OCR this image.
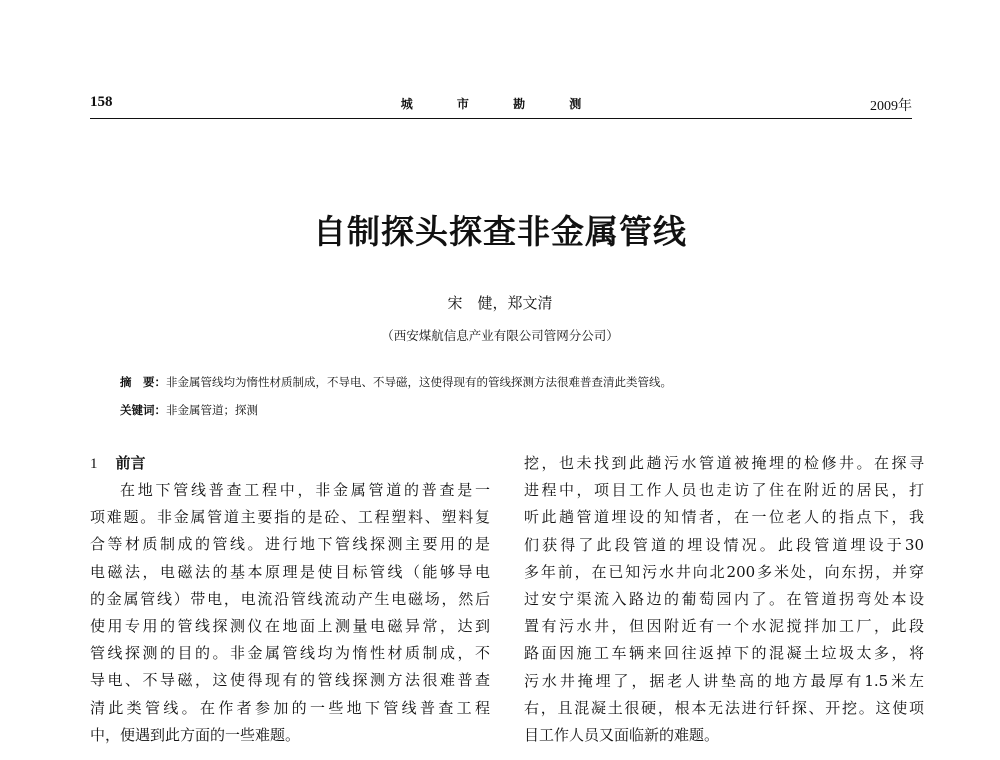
158	城 市 勘 测	2009年
自制探头探查非金属管线
宋　健，郑文清
（西安煤航信息产业有限公司管网分公司）
摘　要：非金属管线均为惰性材质制成，不导电、不导磁，这使得现有的管线探测方法很难普查清此类管线。
关键词：非金属管道；探测
1 前言
在地下管线普查工程中，非金属管道的普查是一
项难题。非金属管道主要指的是砼、工程塑料、塑料复
合等材质制成的管线。进行地下管线探测主要用的是
电磁法，电磁法的基本原理是使目标管线（能够导电
的金属管线）带电，电流沿管线流动产生电磁场，然后
使用专用的管线探测仪在地面上测量电磁异常，达到
管线探测的目的。非金属管线均为惰性材质制成，不
导电、不导磁，这使得现有的管线探测方法很难普查
清此类管线。在作者参加的一些地下管线普查工程
中，便遇到此方面的一些难题。
挖，也未找到此趟污水管道被掩埋的检修井。在探寻
进程中，项目工作人员也走访了住在附近的居民，打
听此趟管道埋设的知情者，在一位老人的指点下，我
们获得了此段管道的埋设情况。此段管道埋设于30
多年前，在已知污水井向北200多米处，向东拐，并穿
过安宁渠流入路边的葡萄园内了。在管道拐弯处本设
置有污水井，但因附近有一个水泥搅拌加工厂，此段
路面因施工车辆来回往返掉下的混凝土垃圾太多，将
污水井掩埋了，据老人讲垫高的地方最厚有1.5米左
右，且混凝土很硬，根本无法进行钎探、开挖。这使项
目工作人员又面临新的难题。
